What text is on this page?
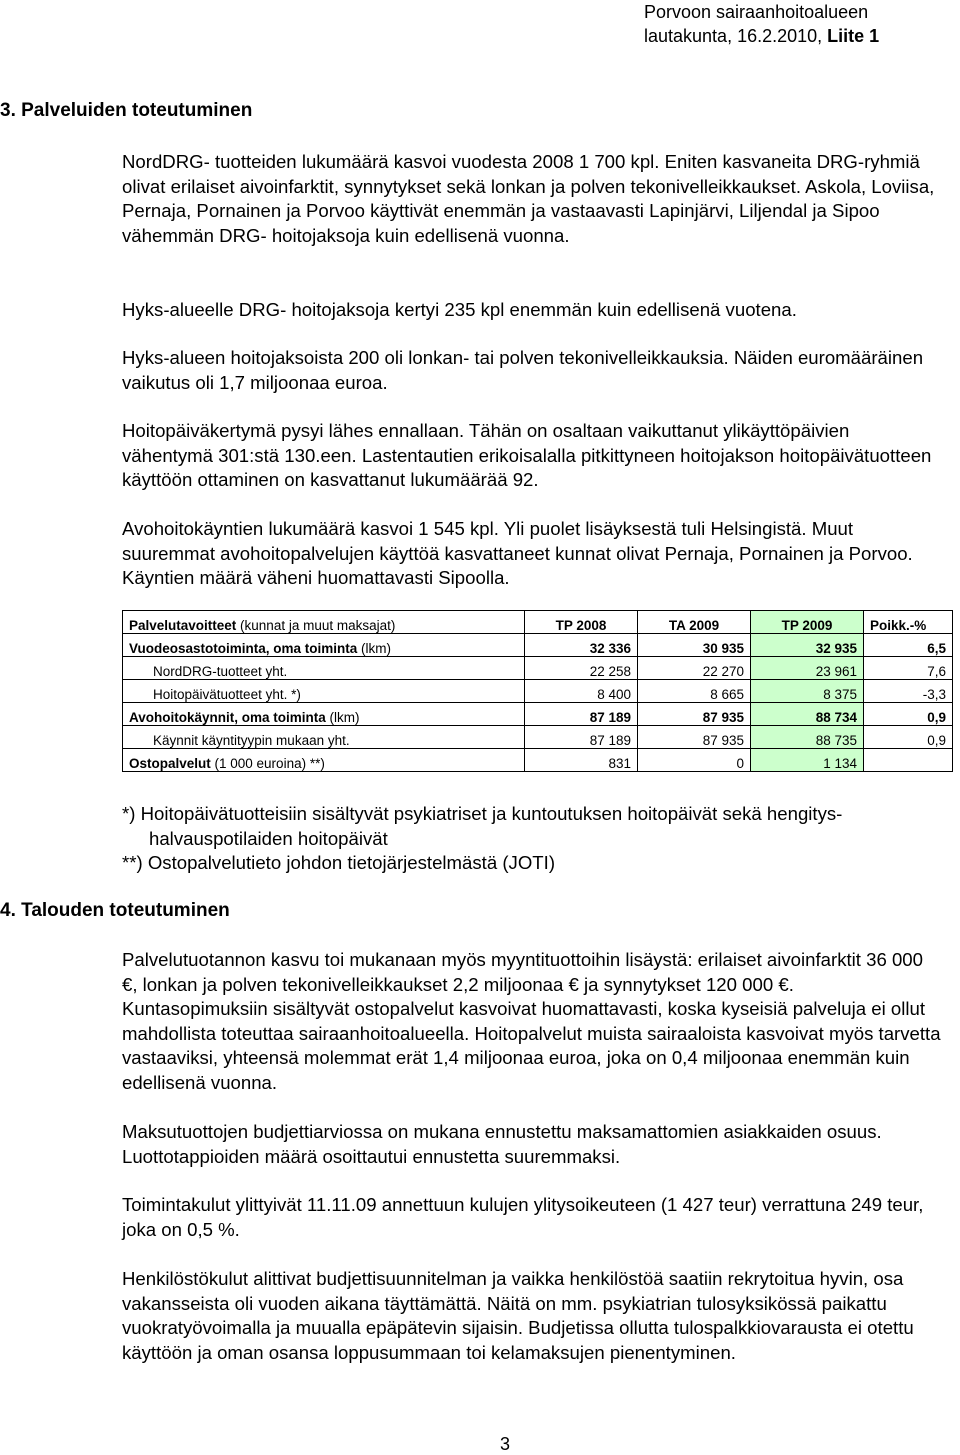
Porvoon sairaanhoitoalueen
lautakunta, 16.2.2010, Liite 1
3. Palveluiden toteutuminen

NordDRG- tuotteiden lukumäärä kasvoi vuodesta 2008 1 700 kpl. Eniten kasvaneita DRG-ryhmiä olivat erilaiset aivoinfarktit, synnytykset sekä lonkan ja polven tekonivelleikkaukset. Askola, Loviisa, Pernaja, Pornainen ja Porvoo käyttivät enemmän ja vastaavasti Lapinjärvi, Liljendal ja Sipoo vähemmän DRG- hoitojaksoja kuin edellisenä vuonna.

Hyks-alueelle DRG- hoitojaksoja kertyi 235 kpl enemmän kuin edellisenä vuotena.

Hyks-alueen hoitojaksoista 200 oli lonkan- tai polven tekonivelleikkauksia. Näiden euromääräinen vaikutus oli 1,7 miljoonaa euroa.

Hoitopäiväkertymä pysyi lähes ennallaan. Tähän on osaltaan vaikuttanut ylikäyttöpäivien vähentymä 301:stä 130.een. Lastentautien erikoisalalla pitkittyneen hoitojakson hoitopäivätuotteen käyttöön ottaminen on kasvattanut lukumäärää 92.

Avohoitokäyntien lukumäärä kasvoi 1 545 kpl. Yli puolet lisäyksestä tuli Helsingistä. Muut suuremmat avohoitopalvelujen käyttöä kasvattaneet kunnat olivat Pernaja, Pornainen ja Porvoo. Käyntien määrä väheni huomattavasti Sipoolla.

Palvelutavoitteet (kunnat ja muut maksajat)	TP 2008	TA 2009	TP 2009	Poikk.-%
Vuodeosastotoiminta, oma toiminta (lkm)	32 336	30 935	32 935	6,5
NordDRG-tuotteet yht.	22 258	22 270	23 961	7,6
Hoitopäivätuotteet yht. *)	8 400	8 665	8 375	-3,3
Avohoitokäynnit, oma toiminta (lkm)	87 189	87 935	88 734	0,9
Käynnit käyntityypin mukaan yht.	87 189	87 935	88 735	0,9
Ostopalvelut (1 000 euroina) **)	831	0	1 134	
*) Hoitopäivätuotteisiin sisältyvät psykiatriset ja kuntoutuksen hoitopäivät sekä hengitys-
halvauspotilaiden hoitopäivät
**) Ostopalvelutieto johdon tietojärjestelmästä (JOTI)
4. Talouden toteutuminen

Palvelutuotannon kasvu toi mukanaan myös myyntituottoihin lisäystä: erilaiset aivoinfarktit 36 000 €, lonkan ja polven tekonivelleikkaukset 2,2 miljoonaa € ja synnytykset 120 000 €. Kuntasopimuksiin sisältyvät ostopalvelut kasvoivat huomattavasti, koska kyseisiä palveluja ei ollut mahdollista toteuttaa sairaanhoitoalueella. Hoitopalvelut muista sairaaloista kasvoivat myös tarvetta vastaaviksi, yhteensä molemmat erät 1,4 miljoonaa euroa, joka on 0,4 miljoonaa enemmän kuin edellisenä vuonna.

Maksutuottojen budjettiarviossa on mukana ennustettu maksamattomien asiakkaiden osuus. Luottotappioiden määrä osoittautui ennustetta suuremmaksi.

Toimintakulut ylittyivät 11.11.09 annettuun kulujen ylitysoikeuteen (1 427 teur) verrattuna 249 teur, joka on 0,5 %.

Henkilöstökulut alittivat budjettisuunnitelman ja vaikka henkilöstöä saatiin rekrytoitua hyvin, osa vakansseista oli vuoden aikana täyttämättä. Näitä on mm. psykiatrian tulosyksikössä paikattu vuokratyövoimalla ja muualla epäpätevin sijaisin. Budjetissa ollutta tulospalkkiovarausta ei otettu käyttöön ja oman osansa loppusummaan toi kelamaksujen pienentyminen.

3
